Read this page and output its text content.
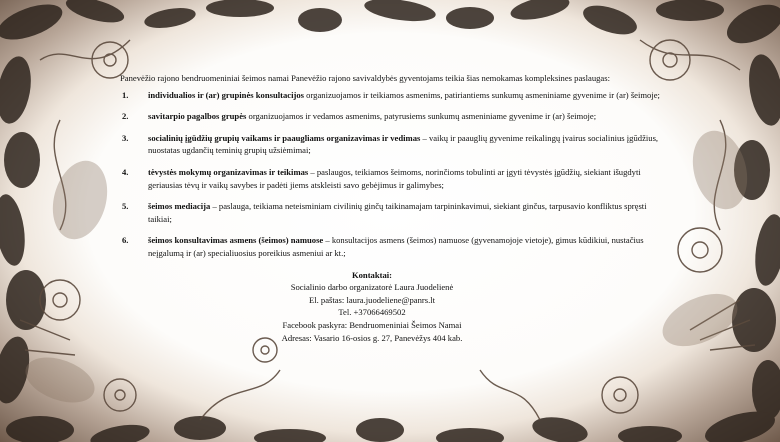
Panevėžio rajono bendruomeniniai šeimos namai Panevėžio rajono savivaldybės gyventojams teikia šias nemokamas kompleksines paslaugas:

1. individualios ir (ar) grupinės konsultacijos organizuojamos ir teikiamos asmenims, patiriantiems sunkumų asmeniniame gyvenime ir (ar) šeimoje;
2. savitarpio pagalbos grupės organizuojamos ir vedamos asmenims, patyrusiems sunkumų asmeniniame gyvenime ir (ar) šeimoje;
3. socialinių įgūdžių grupių vaikams ir paaugliams organizavimas ir vedimas – vaikų ir paauglių gyvenime reikalingų įvairus socialinius įgūdžius, nuostatas ugdančių teminių grupių užsiėmimai;
4. tėvystės mokymų organizavimas ir teikimas – paslaugos, teikiamos šeimoms, norinčioms tobulinti ar įgyti tėvystės įgūdžių, siekiant išugdyti geriausias tėvų ir vaikų savybes ir padėti jiems atskleisti savo gebėjimus ir galimybes;
5. šeimos mediacija – paslauga, teikiama neteisminiam civilinių ginčų taikinamajam tarpininkavimui, siekiant ginčus, tarpusavio konfliktus spręsti taikiai;
6. šeimos konsultavimas asmens (šeimos) namuose – konsultacijos asmens (šeimos) namuose (gyvenamojoje vietoje), gimus kūdikiui, nustačius neįgalumą ir (ar) specialiuosius poreikius asmeniui ar kt.;
Kontaktai:
Socialinio darbo organizatorė Laura Juodelienė
El. paštas: laura.juodeliene@panrs.lt
Tel. +37066469502
Facebook paskyra: Bendruomeniniai Šeimos Namai
Adresas: Vasario 16-osios g. 27, Panevėžys 404 kab.
